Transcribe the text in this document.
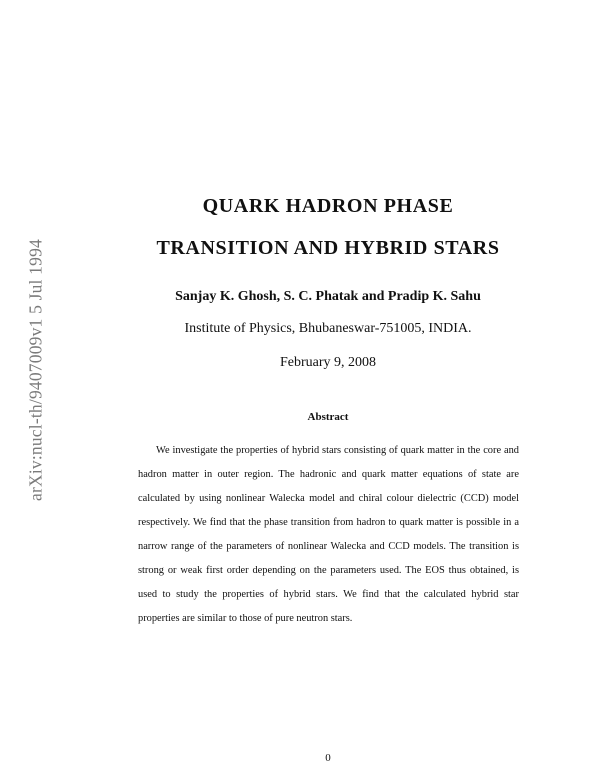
arXiv:nucl-th/9407009v1 5 Jul 1994
QUARK HADRON PHASE
TRANSITION AND HYBRID STARS
Sanjay K. Ghosh, S. C. Phatak and Pradip K. Sahu
Institute of Physics, Bhubaneswar-751005, INDIA.
February 9, 2008
Abstract

We investigate the properties of hybrid stars consisting of quark matter in the core and hadron matter in outer region. The hadronic and quark matter equations of state are calculated by using nonlinear Walecka model and chiral colour dielectric (CCD) model respectively. We find that the phase transition from hadron to quark matter is possible in a narrow range of the parameters of nonlinear Walecka and CCD models. The transition is strong or weak first order depending on the parameters used. The EOS thus obtained, is used to study the properties of hybrid stars. We find that the calculated hybrid star properties are similar to those of pure neutron stars.

0
